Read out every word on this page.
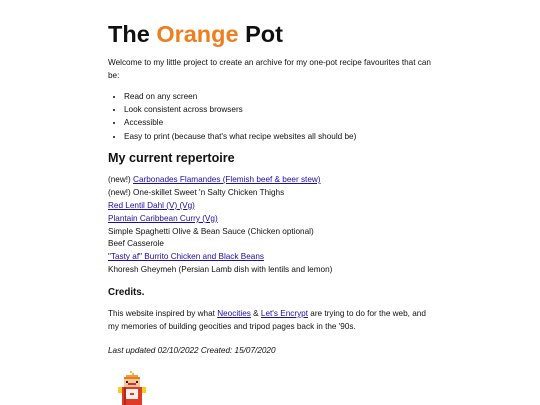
The Orange Pot

Welcome to my little project to create an archive for my one-pot recipe favourites that can be:

• Read on any screen
• Look consistent across browsers
• Accessible
• Easy to print (because that's what recipe websites all should be)
My current repertoire
(new!) Carbonades Flamandes (Flemish beef & beer stew)
(new!) One-skillet Sweet 'n Salty Chicken Thighs
Red Lentil Dahl (V) (Vg)
Plantain Caribbean Curry (Vg)
Simple Spaghetti Olive & Bean Sauce (Chicken optional)
Beef Casserole
"Tasty af" Burrito Chicken and Black Beans
Khoresh Gheymeh (Persian Lamb dish with lentils and lemon)
Credits.

This website inspired by what Neocities & Let's Encrypt are trying to do for the web, and my memories of building geocities and tripod pages back in the '90s.

Last updated 02/10/2022 Created: 15/07/2020
